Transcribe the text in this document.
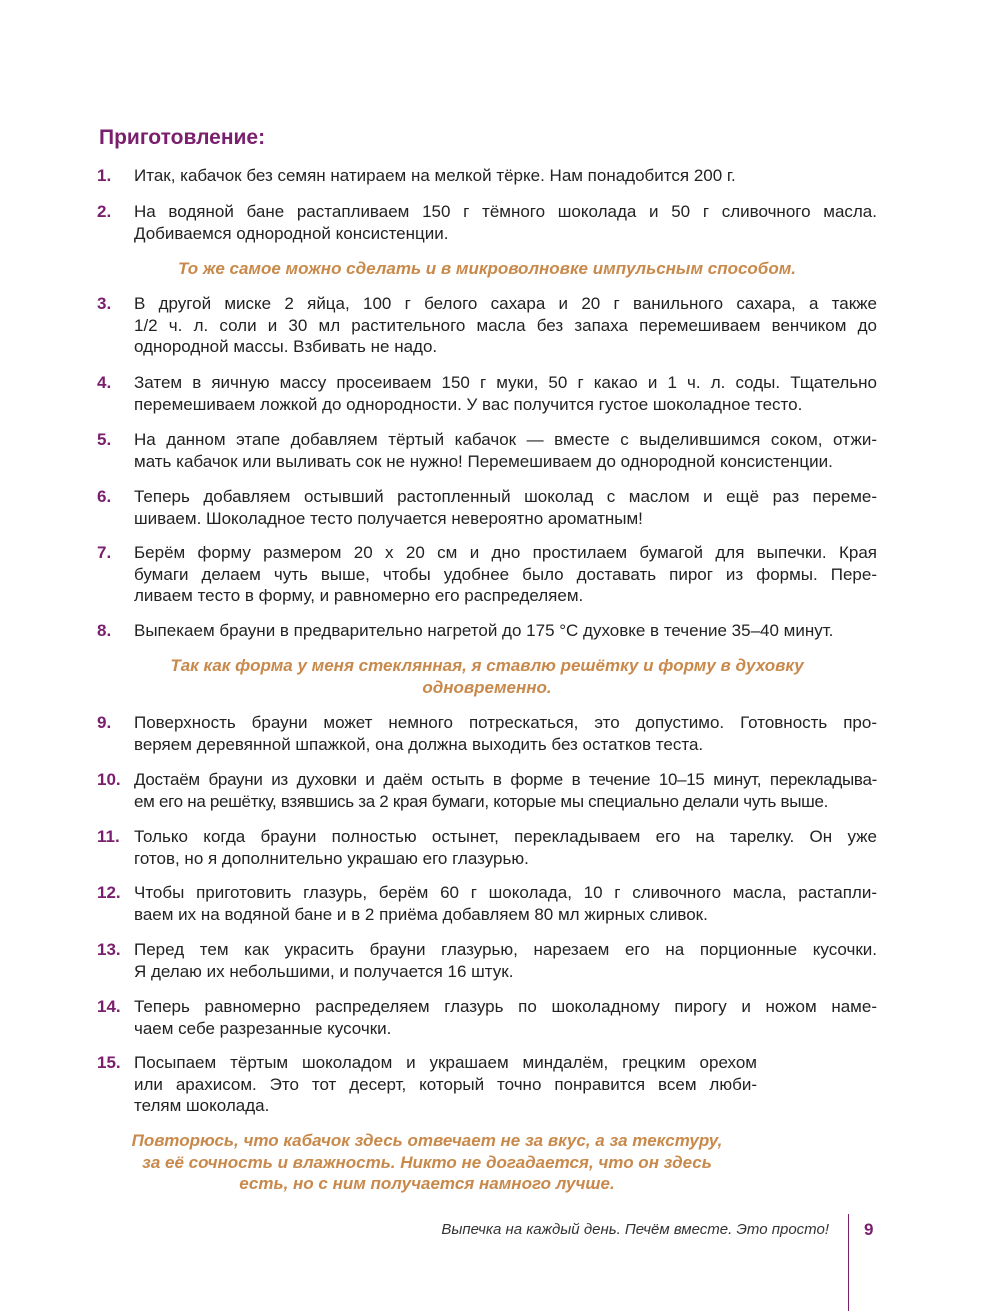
Приготовление:
1.	Итак, кабачок без семян натираем на мелкой тёрке. Нам понадобится 200 г.
2.	На водяной бане растапливаем 150 г тёмного шоколада и 50 г сливочного масла.
Добиваемся однородной консистенции.
То же самое можно сделать и в микроволновке импульсным способом.
3.	В другой миске 2 яйца, 100 г белого сахара и 20 г ванильного сахара, а также
1/2 ч. л. соли и 30 мл растительного масла без запаха перемешиваем венчиком до
однородной массы. Взбивать не надо.
4.	Затем в яичную массу просеиваем 150 г муки, 50 г какао и 1 ч. л. соды. Тщательно
перемешиваем ложкой до однородности. У вас получится густое шоколадное тесто.
5.	На данном этапе добавляем тёртый кабачок — вместе с выделившимся соком, отжи-
мать кабачок или выливать сок не нужно! Перемешиваем до однородной консистенции.
6.	Теперь добавляем остывший растопленный шоколад с маслом и ещё раз переме-
шиваем. Шоколадное тесто получается невероятно ароматным!
7.	Берём форму размером 20 х 20 см и дно простилаем бумагой для выпечки. Края
бумаги делаем чуть выше, чтобы удобнее было доставать пирог из формы. Пере-
ливаем тесто в форму, и равномерно его распределяем.
8.	Выпекаем брауни в предварительно нагретой до 175 °С духовке в течение 35–40 минут.
Так как форма у меня стеклянная, я ставлю решётку и форму в духовку
одновременно.
9.	Поверхность брауни может немного потрескаться, это допустимо. Готовность про-
веряем деревянной шпажкой, она должна выходить без остатков теста.
10. Достаём брауни из духовки и даём остыть в форме в течение 10–15 минут, перекладыва-
ем его на решётку, взявшись за 2 края бумаги, которые мы специально делали чуть выше.
11. Только когда брауни полностью остынет, перекладываем его на тарелку. Он уже
готов, но я дополнительно украшаю его глазурью.
12. Чтобы приготовить глазурь, берём 60 г шоколада, 10 г сливочного масла, растапли-
ваем их на водяной бане и в 2 приёма добавляем 80 мл жирных сливок.
13. Перед тем как украсить брауни глазурью, нарезаем его на порционные кусочки.
Я делаю их небольшими, и получается 16 штук.
14. Теперь равномерно распределяем глазурь по шоколадному пирогу и ножом наме-
чаем себе разрезанные кусочки.
15. Посыпаем тёртым шоколадом и украшаем миндалём, грецким орехом
или арахисом. Это тот десерт, который точно понравится всем люби-
телям шоколада.
Повторюсь, что кабачок здесь отвечает не за вкус, а за текстуру,
за её сочность и влажность. Никто не догадается, что он здесь
есть, но с ним получается намного лучше.
Выпечка на каждый день. Печём вместе. Это просто! 9
